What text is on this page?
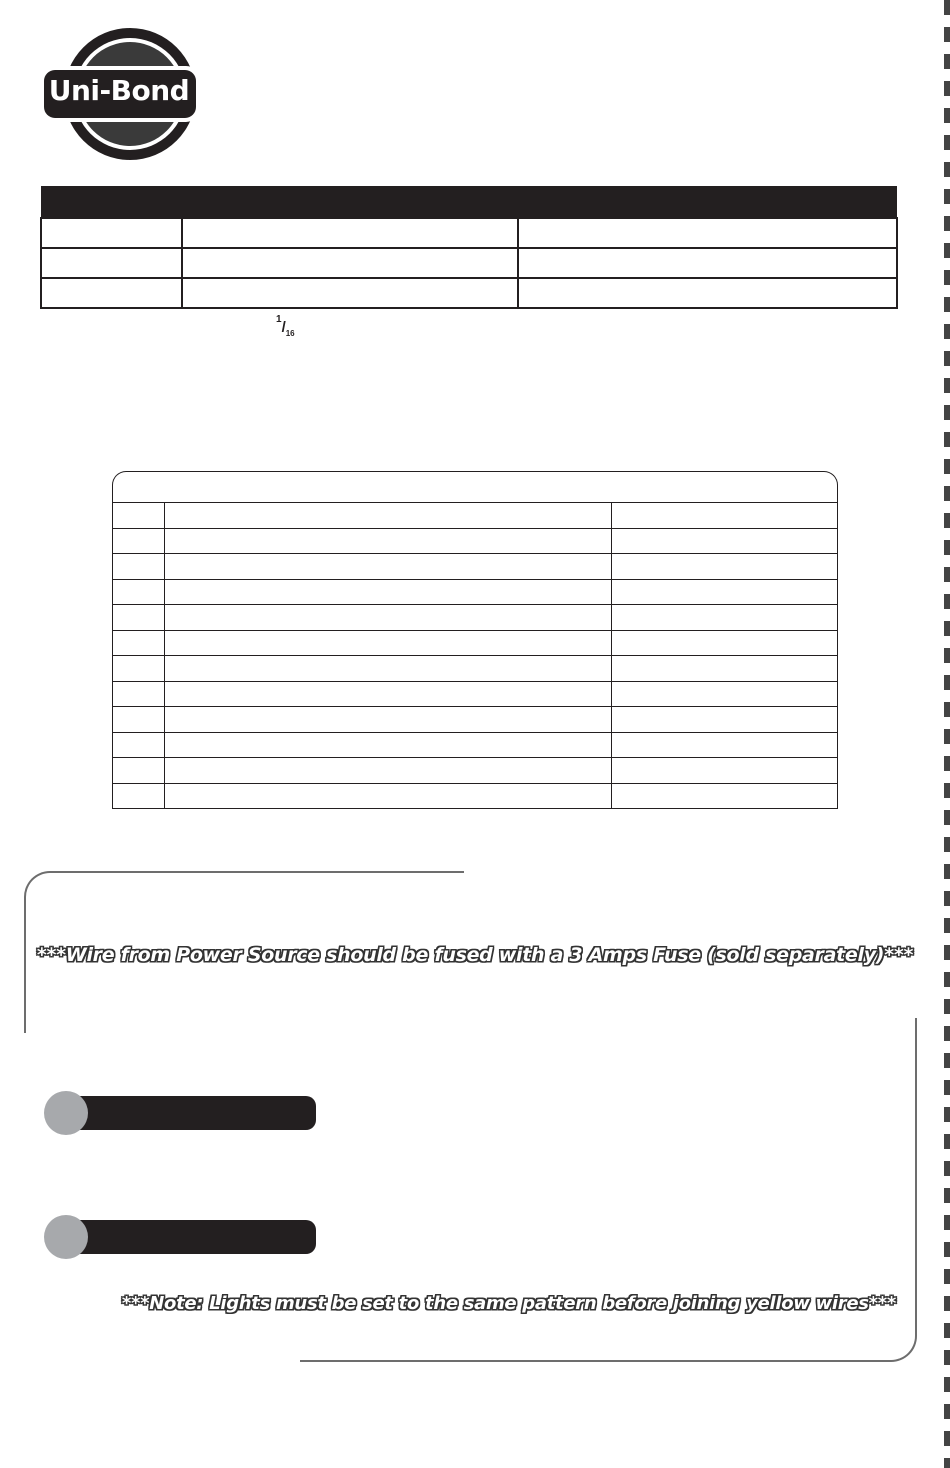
Uni-Bond

$^1/_{16}$

***Wire from Power Source should be fused with a 3 Amps Fuse (sold separately)***
***Note: Lights must be set to the same pattern before joining yellow wires***
